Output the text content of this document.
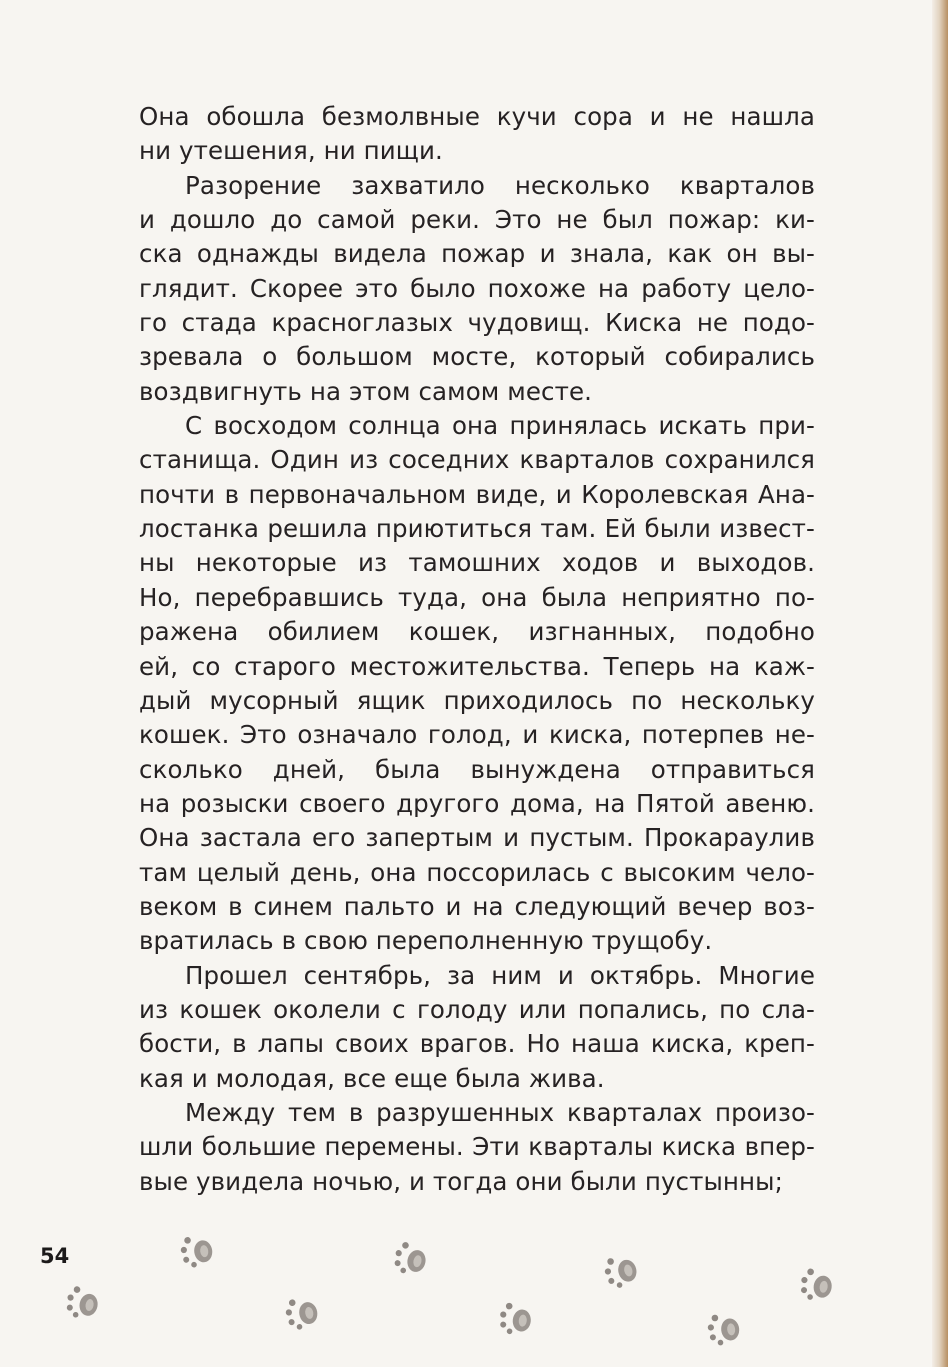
Она обошла безмолвные кучи сора и не нашла
ни утешения, ни пищи.
Разорение захватило несколько кварталов
и дошло до самой реки. Это не был пожар: ки-
ска однажды видела пожар и знала, как он вы-
глядит. Скорее это было похоже на работу цело-
го стада красноглазых чудовищ. Киска не подо-
зревала о большом мосте, который собирались
воздвигнуть на этом самом месте.
С восходом солнца она принялась искать при-
станища. Один из соседних кварталов сохранился
почти в первоначальном виде, и Королевская Ана-
лостанка решила приютиться там. Ей были извест-
ны некоторые из тамошних ходов и выходов.
Но, перебравшись туда, она была неприятно по-
ражена обилием кошек, изгнанных, подобно
ей, со старого местожительства. Теперь на каж-
дый мусорный ящик приходилось по нескольку
кошек. Это означало голод, и киска, потерпев не-
сколько дней, была вынуждена отправиться
на розыски своего другого дома, на Пятой авеню.
Она застала его запертым и пустым. Прокараулив
там целый день, она поссорилась с высоким чело-
веком в синем пальто и на следующий вечер воз-
вратилась в свою переполненную трущобу.
Прошел сентябрь, за ним и октябрь. Многие
из кошек околели с голоду или попались, по сла-
бости, в лапы своих врагов. Но наша киска, креп-
кая и молодая, все еще была жива.
Между тем в разрушенных кварталах произо-
шли большие перемены. Эти кварталы киска впер-
вые увидела ночью, и тогда они были пустынны;
54
